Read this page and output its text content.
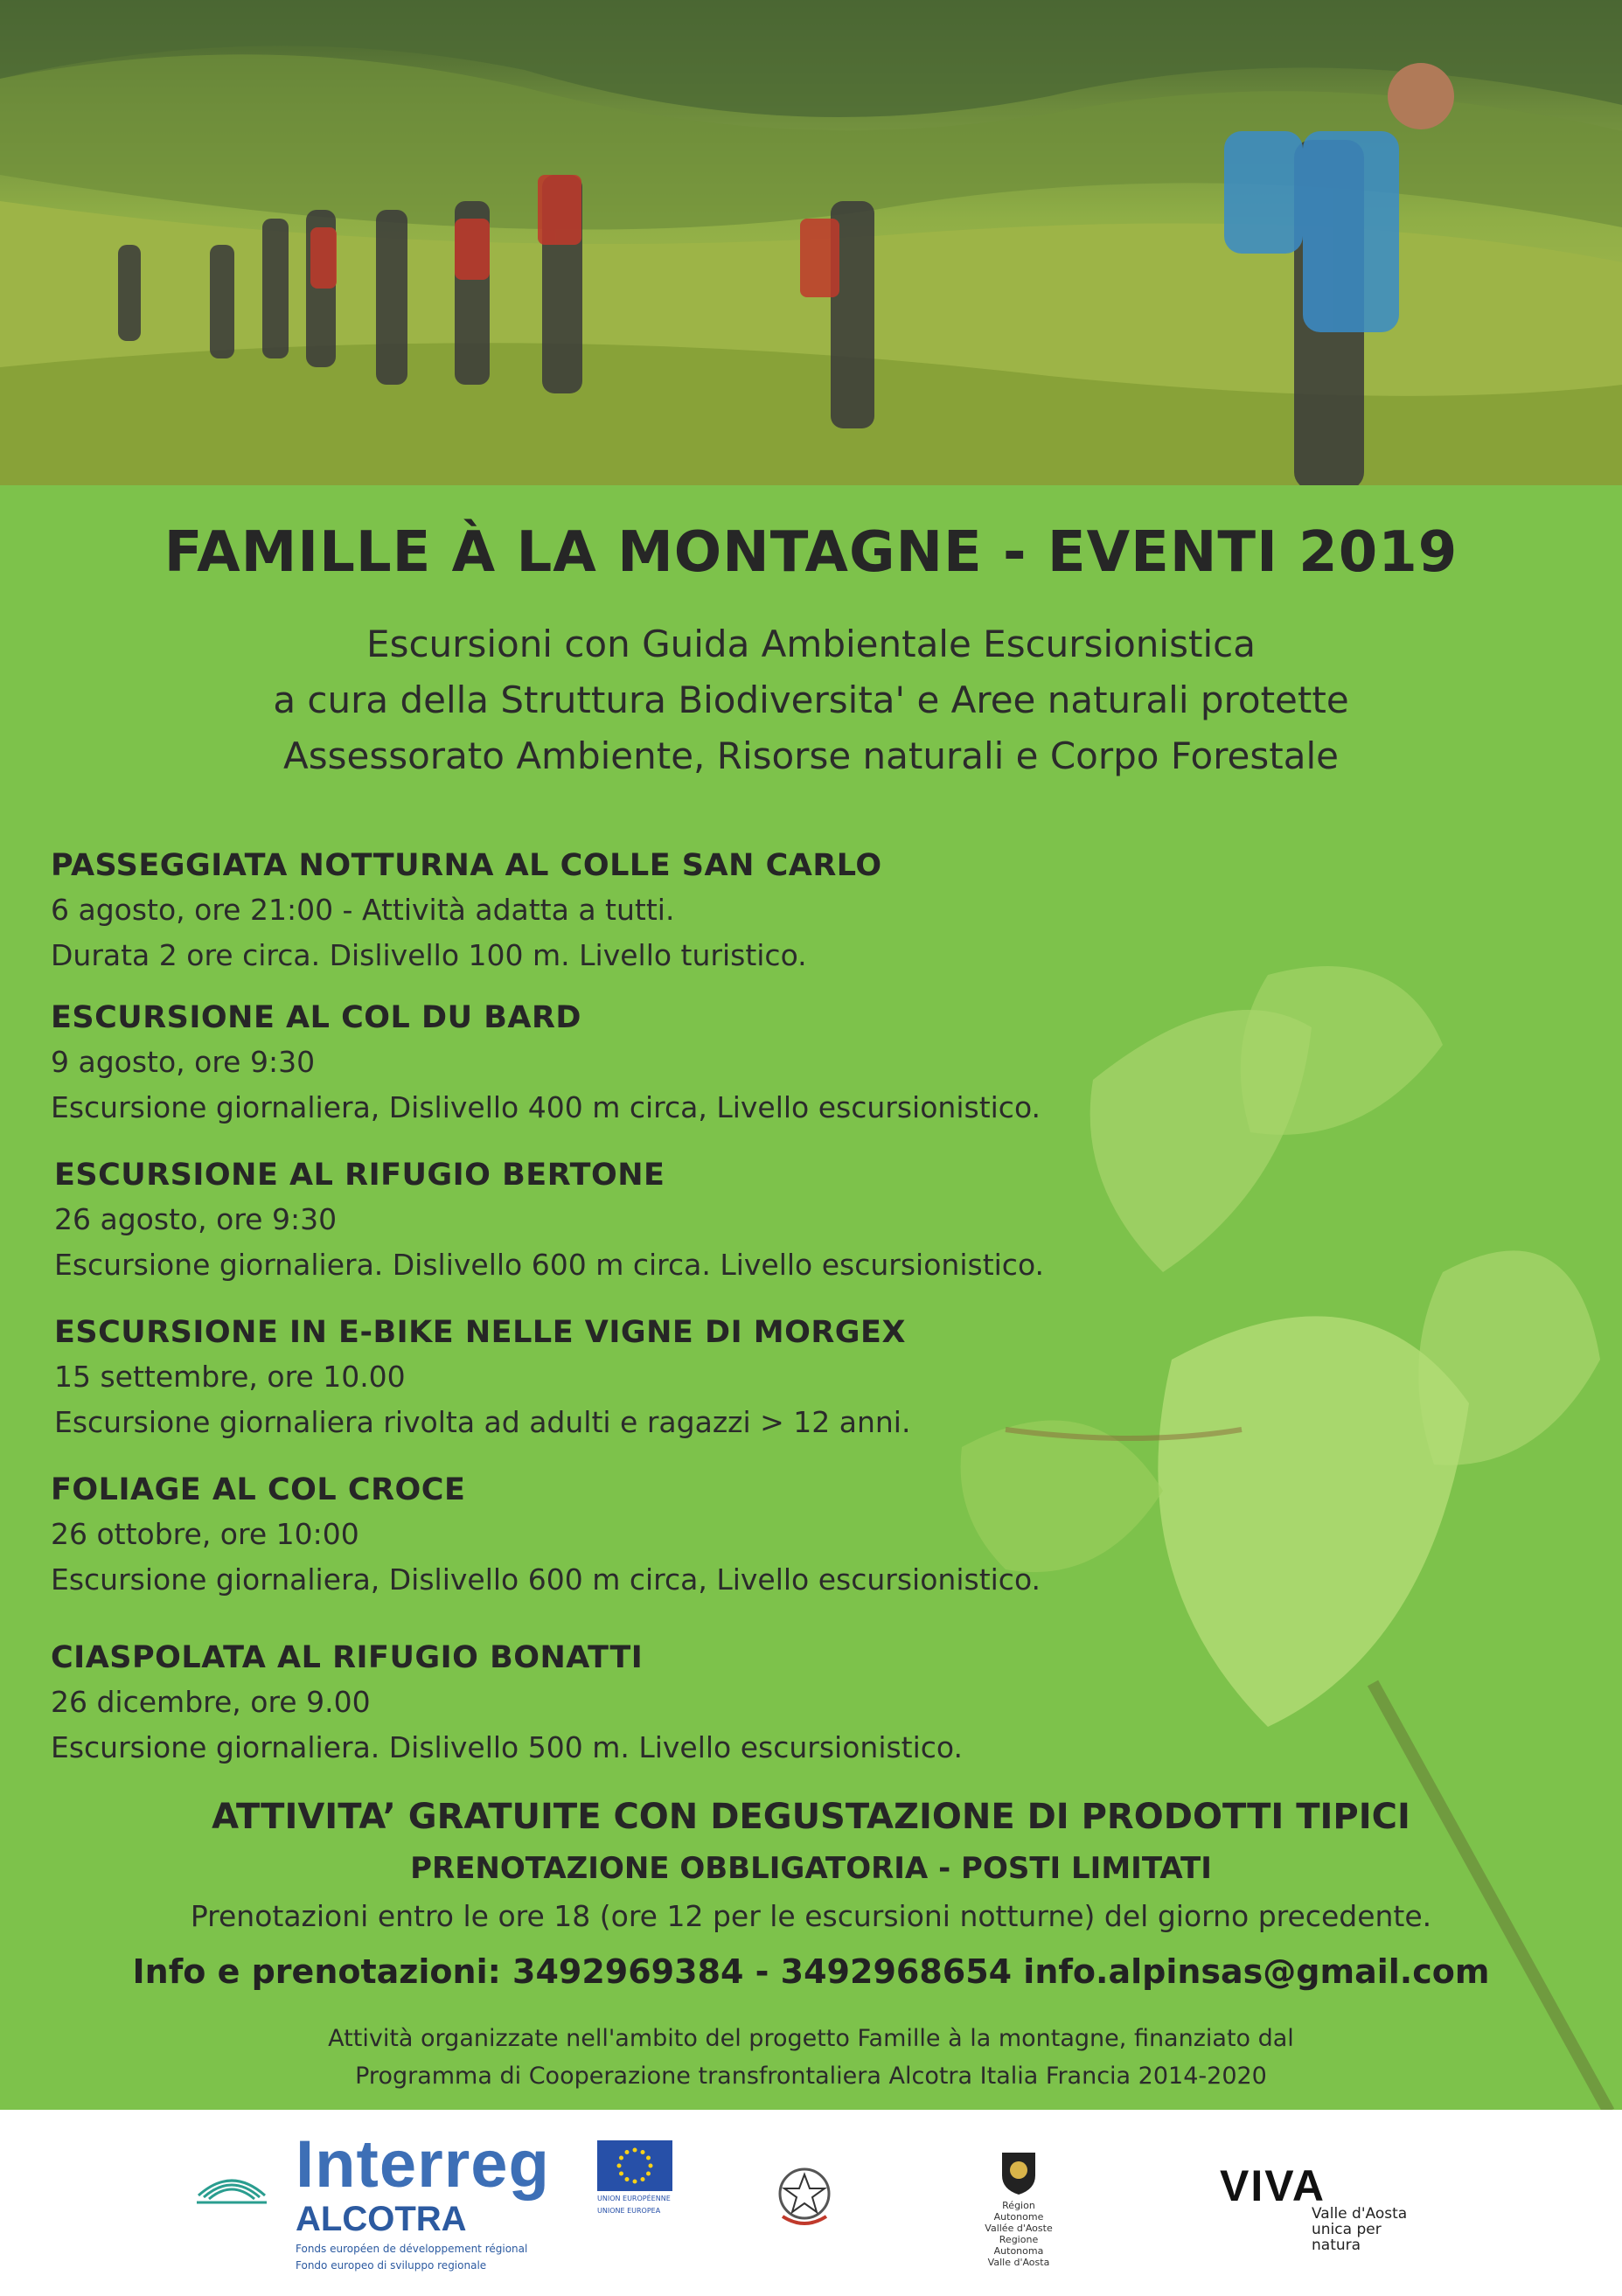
FAMILLE À LA MONTAGNE - EVENTI 2019
Escursioni con Guida Ambientale Escursionistica
a cura della Struttura Biodiversita' e Aree naturali protette
Assessorato Ambiente, Risorse naturali e Corpo Forestale
PASSEGGIATA NOTTURNA AL COLLE SAN CARLO
6 agosto, ore 21:00 - Attività adatta a tutti.
Durata 2 ore circa. Dislivello 100 m. Livello turistico.
ESCURSIONE AL COL DU BARD
9 agosto, ore 9:30
Escursione giornaliera, Dislivello 400 m circa, Livello escursionistico.
ESCURSIONE AL RIFUGIO BERTONE
26 agosto, ore 9:30
Escursione giornaliera. Dislivello 600 m circa. Livello escursionistico.
ESCURSIONE IN E-BIKE NELLE VIGNE DI MORGEX
15 settembre, ore 10.00
Escursione giornaliera rivolta ad adulti e ragazzi > 12 anni.
FOLIAGE AL COL CROCE
26 ottobre, ore 10:00
Escursione giornaliera, Dislivello 600 m circa, Livello escursionistico.
CIASPOLATA AL RIFUGIO BONATTI
26 dicembre, ore 9.00
Escursione giornaliera. Dislivello 500 m. Livello escursionistico.
ATTIVITA’ GRATUITE CON DEGUSTAZIONE DI PRODOTTI TIPICI
PRENOTAZIONE OBBLIGATORIA - POSTI LIMITATI
Prenotazioni entro le ore 18 (ore 12 per le escursioni notturne) del giorno precedente.
Info e prenotazioni: 3492969384 - 3492968654 info.alpinsas@gmail.com
Attività organizzate nell'ambito del progetto Famille à la montagne, finanziato dal
Programma di Cooperazione transfrontaliera Alcotra Italia Francia 2014-2020
Interreg
ALCOTRA
Fonds européen de développement régional
Fondo europeo di sviluppo regionale
UNION EUROPÉENNE
UNIONE EUROPEA	Région Autonome
Vallée d'Aoste
Regione Autonoma
Valle d'Aosta
VIVA
Valle d'Aosta
unica per natura
